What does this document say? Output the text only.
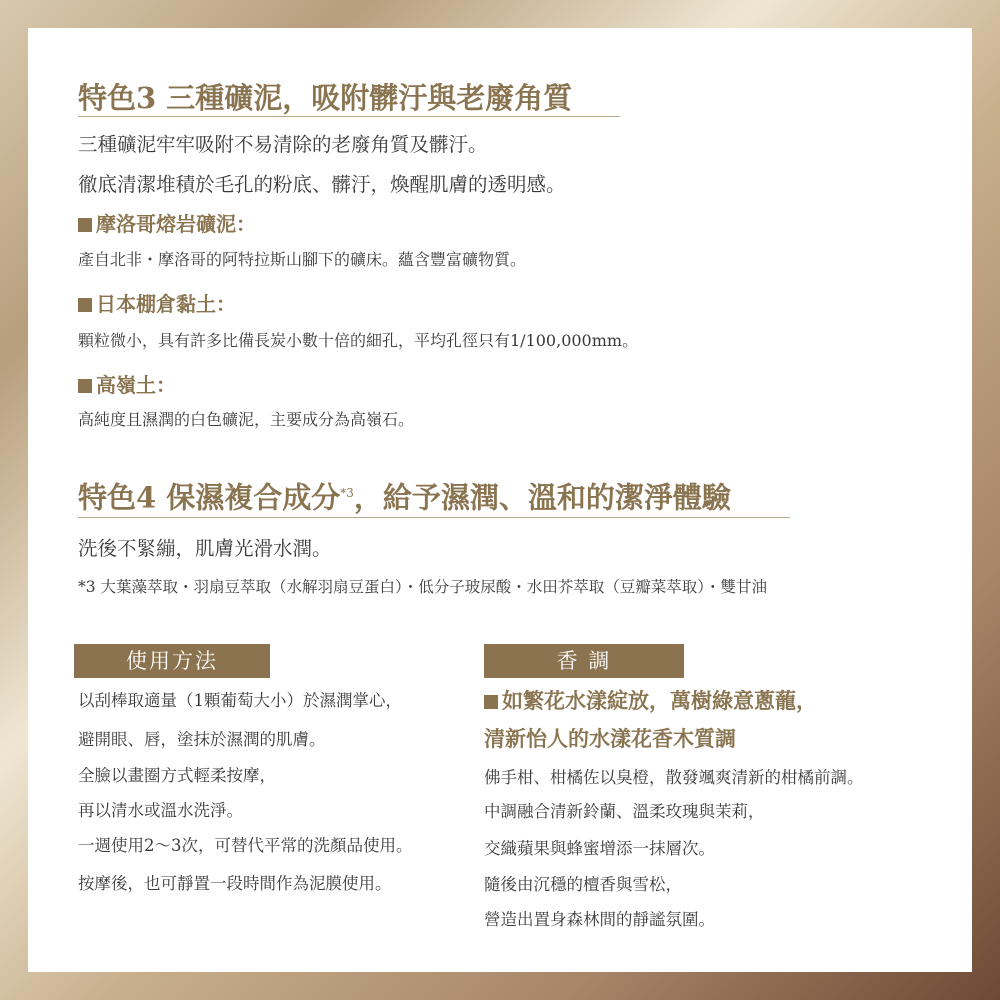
特色3 三種礦泥，吸附髒汙與老廢角質
三種礦泥牢牢吸附不易清除的老廢角質及髒汙。
徹底清潔堆積於毛孔的粉底、髒汙，煥醒肌膚的透明感。
摩洛哥熔岩礦泥：
產自北非・摩洛哥的阿特拉斯山腳下的礦床。蘊含豐富礦物質。
日本棚倉黏土：
顆粒微小，具有許多比備長炭小數十倍的細孔，平均孔徑只有1/100,000mm。
高嶺土：
高純度且濕潤的白色礦泥，主要成分為高嶺石。
特色4 保濕複合成分$^{*3}$，給予濕潤、溫和的潔淨體驗
洗後不緊繃，肌膚光滑水潤。
*3 大葉藻萃取・羽扇豆萃取（水解羽扇豆蛋白）・低分子玻尿酸・水田芥萃取（豆瓣菜萃取）・雙甘油
使用方法	香 調
以刮棒取適量（1顆葡萄大小）於濕潤掌心，
避開眼、唇，塗抹於濕潤的肌膚。
全臉以畫圈方式輕柔按摩，
再以清水或溫水洗淨。
一週使用2～3次，可替代平常的洗顏品使用。
按摩後，也可靜置一段時間作為泥膜使用。
如繁花水漾綻放，萬樹綠意蔥蘢，
清新怡人的水漾花香木質調
佛手柑、柑橘佐以臭橙，散發颯爽清新的柑橘前調。
中調融合清新鈴蘭、溫柔玫瑰與茉莉，
交織蘋果與蜂蜜增添一抹層次。
隨後由沉穩的檀香與雪松，
營造出置身森林間的靜謐氛圍。
